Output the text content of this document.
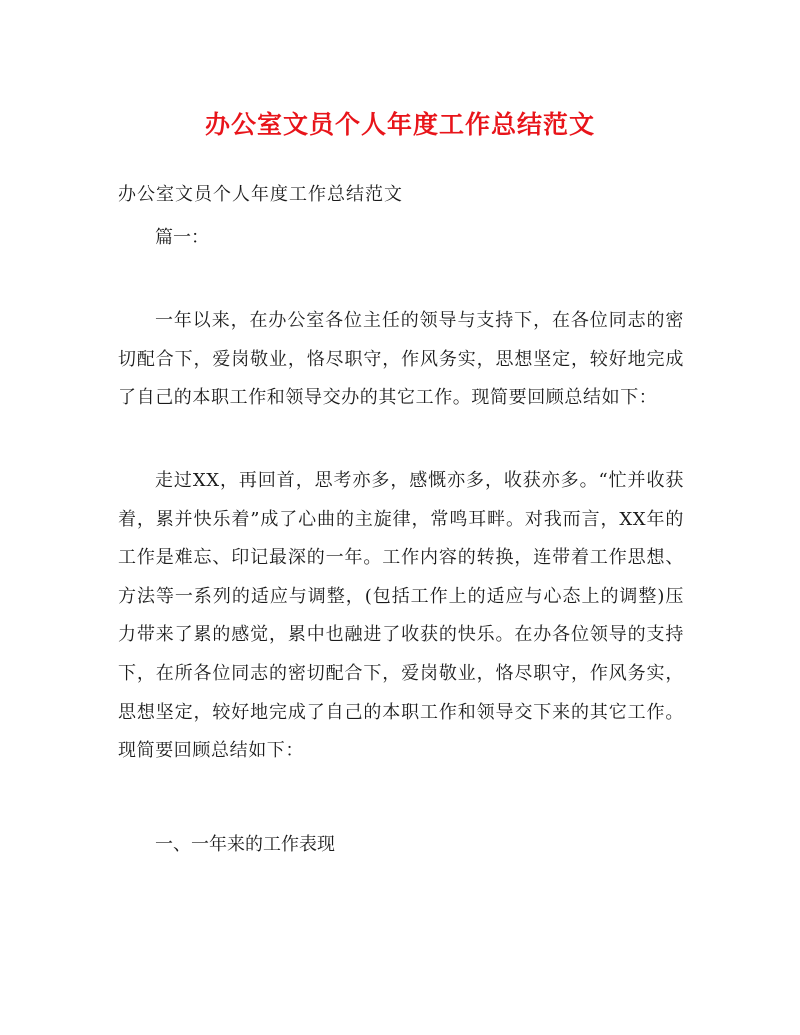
办公室文员个人年度工作总结范文
办公室文员个人年度工作总结范文
篇一：

一年以来，在办公室各位主任的领导与支持下，在各位同志的密切配合下，爱岗敬业，恪尽职守，作风务实，思想坚定，较好地完成了自己的本职工作和领导交办的其它工作。现简要回顾总结如下：

走过XX，再回首，思考亦多，感慨亦多，收获亦多。“忙并收获着，累并快乐着”成了心曲的主旋律，常鸣耳畔。对我而言，XX年的工作是难忘、印记最深的一年。工作内容的转换，连带着工作思想、方法等一系列的适应与调整，(包括工作上的适应与心态上的调整)压力带来了累的感觉，累中也融进了收获的快乐。在办各位领导的支持下，在所各位同志的密切配合下，爱岗敬业，恪尽职守，作风务实，思想坚定，较好地完成了自己的本职工作和领导交下来的其它工作。现简要回顾总结如下：

一、一年来的工作表现
